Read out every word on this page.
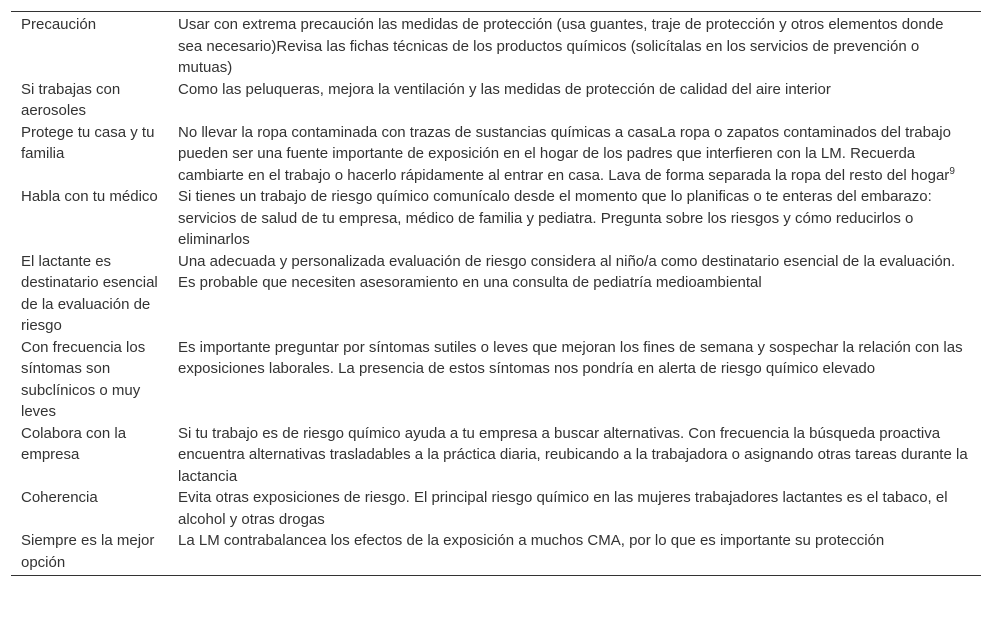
Precaución	Usar con extrema precaución las medidas de protección (usa guantes, traje de protección y otros elementos donde sea necesario)Revisa las fichas técnicas de los productos químicos (solicítalas en los servicios de prevención o mutuas)
Si trabajas con aerosoles	Como las peluqueras, mejora la ventilación y las medidas de protección de calidad del aire interior
Protege tu casa y tu familia	No llevar la ropa contaminada con trazas de sustancias químicas a casaLa ropa o zapatos contaminados del trabajo pueden ser una fuente importante de exposición en el hogar de los padres que interfieren con la LM. Recuerda cambiarte en el trabajo o hacerlo rápidamente al entrar en casa. Lava de forma separada la ropa del resto del hogar$^9$
Habla con tu médico	Si tienes un trabajo de riesgo químico comunícalo desde el momento que lo planificas o te enteras del embarazo: servicios de salud de tu empresa, médico de familia y pediatra. Pregunta sobre los riesgos y cómo reducirlos o eliminarlos
El lactante es destinatario esencial de la evaluación de riesgo	Una adecuada y personalizada evaluación de riesgo considera al niño/a como destinatario esencial de la evaluación. Es probable que necesiten asesoramiento en una consulta de pediatría medioambiental
Con frecuencia los síntomas son subclínicos o muy leves	Es importante preguntar por síntomas sutiles o leves que mejoran los fines de semana y sospechar la relación con las exposiciones laborales. La presencia de estos síntomas nos pondría en alerta de riesgo químico elevado
Colabora con la empresa	Si tu trabajo es de riesgo químico ayuda a tu empresa a buscar alternativas. Con frecuencia la búsqueda proactiva encuentra alternativas trasladables a la práctica diaria, reubicando a la trabajadora o asignando otras tareas durante la lactancia
Coherencia	Evita otras exposiciones de riesgo. El principal riesgo químico en las mujeres trabajadores lactantes es el tabaco, el alcohol y otras drogas
Siempre es la mejor opción	La LM contrabalancea los efectos de la exposición a muchos CMA, por lo que es importante su protección
